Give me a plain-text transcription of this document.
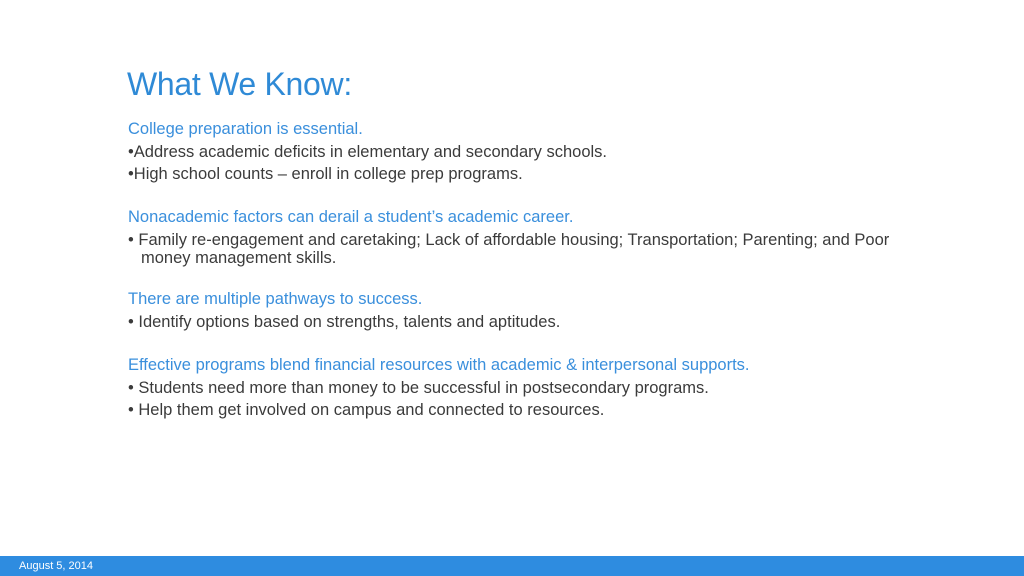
What We Know:
College preparation is essential.
•Address academic deficits in elementary and secondary schools.
•High school counts – enroll in college prep programs.
Nonacademic factors can derail a student’s academic career.
• Family re-engagement and caretaking; Lack of affordable housing; Transportation; Parenting; and Poor money management skills.
There are multiple pathways to success.
• Identify options based on strengths, talents and aptitudes.
Effective programs blend financial resources with academic & interpersonal supports.
• Students need more than money to be successful in postsecondary programs.
• Help them get involved on campus and connected to resources.
August 5, 2014
